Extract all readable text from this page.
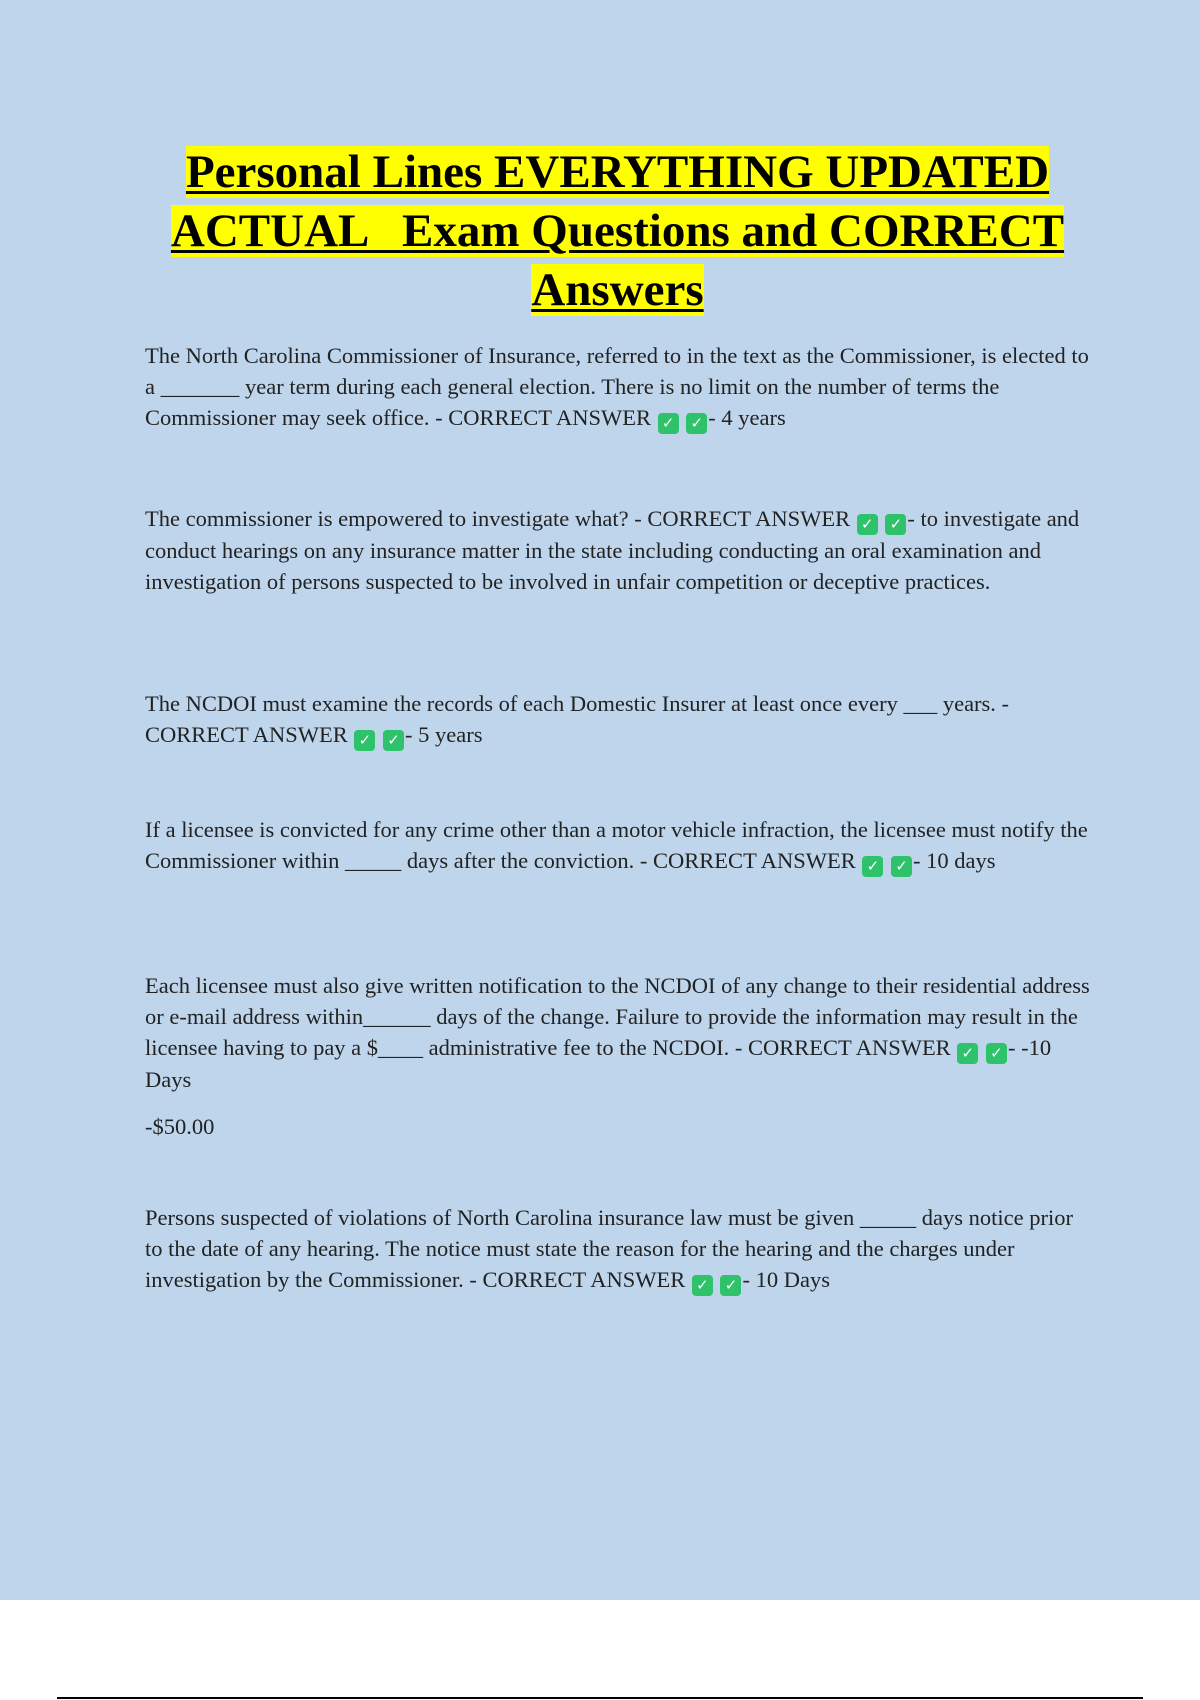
Personal Lines EVERYTHING UPDATED
ACTUAL   Exam Questions and CORRECT
Answers

The North Carolina Commissioner of Insurance, referred to in the text as the Commissioner, is elected to a _______ year term during each general election. There is no limit on the number of terms the Commissioner may seek office. - CORRECT ANSWER ✓ ✓ - 4 years

The commissioner is empowered to investigate what? - CORRECT ANSWER ✓ ✓ - to investigate and conduct hearings on any insurance matter in the state including conducting an oral examination and investigation of persons suspected to be involved in unfair competition or deceptive practices.

The NCDOI must examine the records of each Domestic Insurer at least once every ___ years. - CORRECT ANSWER ✓ ✓ - 5 years

If a licensee is convicted for any crime other than a motor vehicle infraction, the licensee must notify the Commissioner within _____ days after the conviction. - CORRECT ANSWER ✓ ✓ - 10 days

Each licensee must also give written notification to the NCDOI of any change to their residential address or e-mail address within______ days of the change. Failure to provide the information may result in the licensee having to pay a $____ administrative fee to the NCDOI. - CORRECT ANSWER ✓ ✓ - -10 Days

-$50.00

Persons suspected of violations of North Carolina insurance law must be given _____ days notice prior to the date of any hearing. The notice must state the reason for the hearing and the charges under investigation by the Commissioner. - CORRECT ANSWER ✓ ✓ - 10 Days
